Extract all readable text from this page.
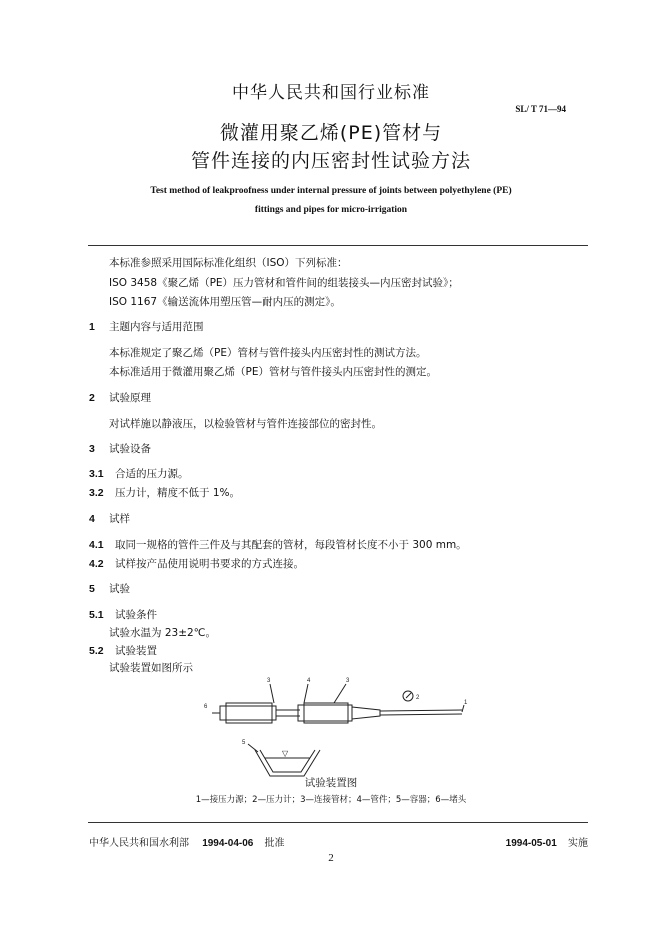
中华人民共和国行业标准
SL/ T 71—94
微灌用聚乙烯(PE)管材与
管件连接的内压密封性试验方法
Test method of leakproofness under internal pressure of joints between polyethylene (PE)
fittings and pipes for micro-irrigation
本标准参照采用国际标准化组织（ISO）下列标准：
ISO 3458《聚乙烯（PE）压力管材和管件间的组装接头—内压密封试验》；
ISO 1167《输送流体用塑压管—耐内压的测定》。
1 主题内容与适用范围
本标准规定了聚乙烯（PE）管材与管件接头内压密封性的测试方法。
本标准适用于微灌用聚乙烯（PE）管材与管件接头内压密封性的测定。
2 试验原理
对试样施以静液压，以检验管材与管件连接部位的密封性。
3 试验设备
3.1 合适的压力源。
3.2 压力计，精度不低于 1%。
4 试样
4.1 取同一规格的管件三件及与其配套的管材，每段管材长度不小于 300 mm。
4.2 试样按产品使用说明书要求的方式连接。
5 试验
5.1 试验条件
试验水温为 23±2℃。
5.2 试验装置
试验装置如图所示
3	4	3
6
2
1
5
▽
试验装置图
1—接压力源；2—压力计；3—连接管材；4—管件；5—容器；6—堵头
中华人民共和国水利部 1994-04-06 批准	1994-05-01 实施
2
